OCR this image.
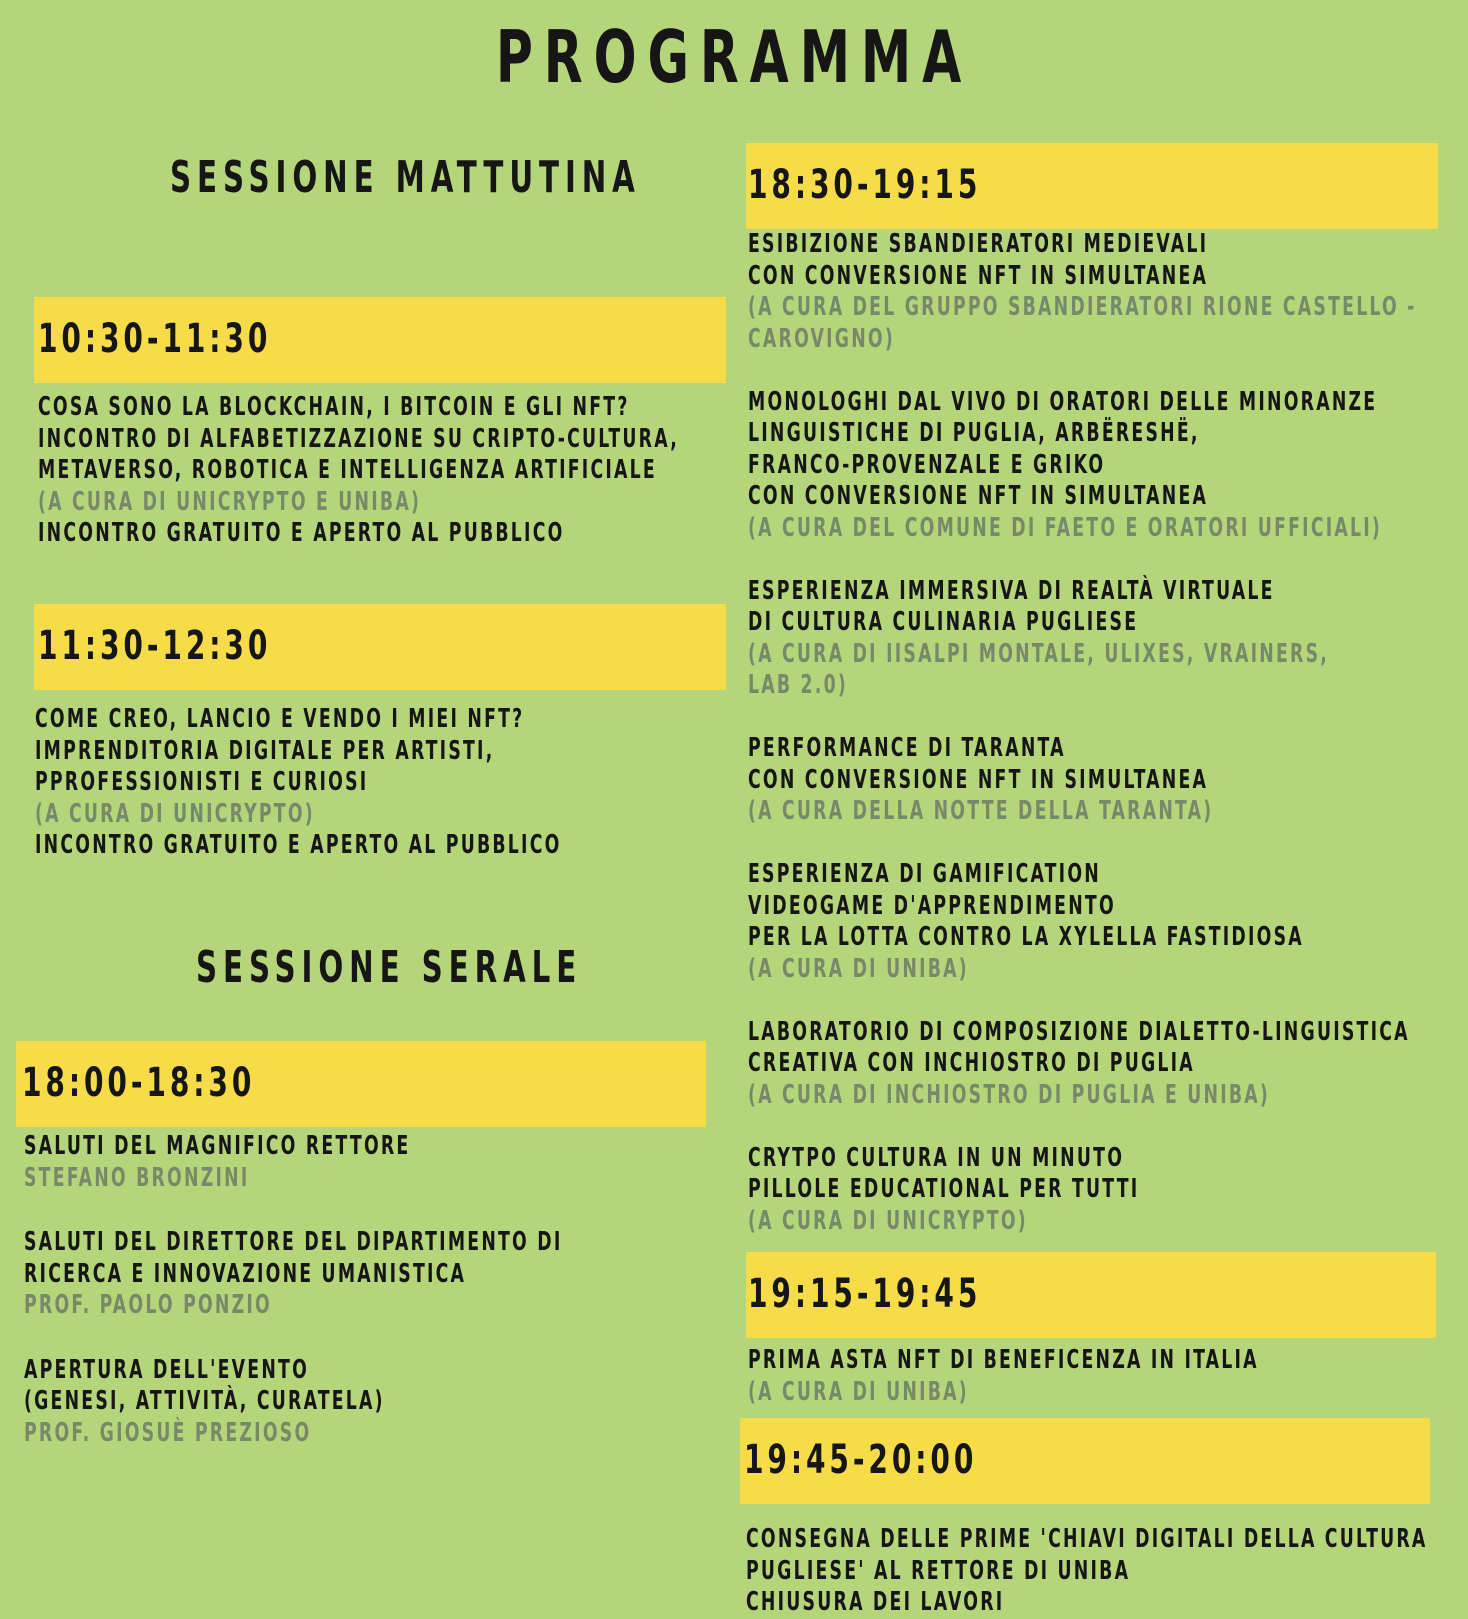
PROGRAMMA
SESSIONE MATTUTINA
10:30-11:30
COSA SONO LA BLOCKCHAIN, I BITCOIN E GLI NFT?
INCONTRO DI ALFABETIZZAZIONE SU CRIPTO-CULTURA,
METAVERSO, ROBOTICA E INTELLIGENZA ARTIFICIALE
(A CURA DI UNICRYPTO E UNIBA)
INCONTRO GRATUITO E APERTO AL PUBBLICO
11:30-12:30
COME CREO, LANCIO E VENDO I MIEI NFT?
IMPRENDITORIA DIGITALE PER ARTISTI,
PPROFESSIONISTI E CURIOSI
(A CURA DI UNICRYPTO)
INCONTRO GRATUITO E APERTO AL PUBBLICO
SESSIONE SERALE
18:00-18:30
SALUTI DEL MAGNIFICO RETTORE
STEFANO BRONZINI
SALUTI DEL DIRETTORE DEL DIPARTIMENTO DI
RICERCA E INNOVAZIONE UMANISTICA
PROF. PAOLO PONZIO
APERTURA DELL'EVENTO
(GENESI, ATTIVITÀ, CURATELA)
PROF. GIOSUÈ PREZIOSO
18:30-19:15
ESIBIZIONE SBANDIERATORI MEDIEVALI
CON CONVERSIONE NFT IN SIMULTANEA
(A CURA DEL GRUPPO SBANDIERATORI RIONE CASTELLO -
CAROVIGNO)
MONOLOGHI DAL VIVO DI ORATORI DELLE MINORANZE
LINGUISTICHE DI PUGLIA, ARBËRESHË,
FRANCO-PROVENZALE E GRIKO
CON CONVERSIONE NFT IN SIMULTANEA
(A CURA DEL COMUNE DI FAETO E ORATORI UFFICIALI)
ESPERIENZA IMMERSIVA DI REALTÀ VIRTUALE
DI CULTURA CULINARIA PUGLIESE
(A CURA DI IISALPI MONTALE, ULIXES, VRAINERS,
LAB 2.0)
PERFORMANCE DI TARANTA
CON CONVERSIONE NFT IN SIMULTANEA
(A CURA DELLA NOTTE DELLA TARANTA)
ESPERIENZA DI GAMIFICATION
VIDEOGAME D'APPRENDIMENTO
PER LA LOTTA CONTRO LA XYLELLA FASTIDIOSA
(A CURA DI UNIBA)
LABORATORIO DI COMPOSIZIONE DIALETTO-LINGUISTICA
CREATIVA CON INCHIOSTRO DI PUGLIA
(A CURA DI INCHIOSTRO DI PUGLIA E UNIBA)
CRYTPO CULTURA IN UN MINUTO
PILLOLE EDUCATIONAL PER TUTTI
(A CURA DI UNICRYPTO)
19:15-19:45
PRIMA ASTA NFT DI BENEFICENZA IN ITALIA
(A CURA DI UNIBA)
19:45-20:00
CONSEGNA DELLE PRIME 'CHIAVI DIGITALI DELLA CULTURA
PUGLIESE' AL RETTORE DI UNIBA
CHIUSURA DEI LAVORI
